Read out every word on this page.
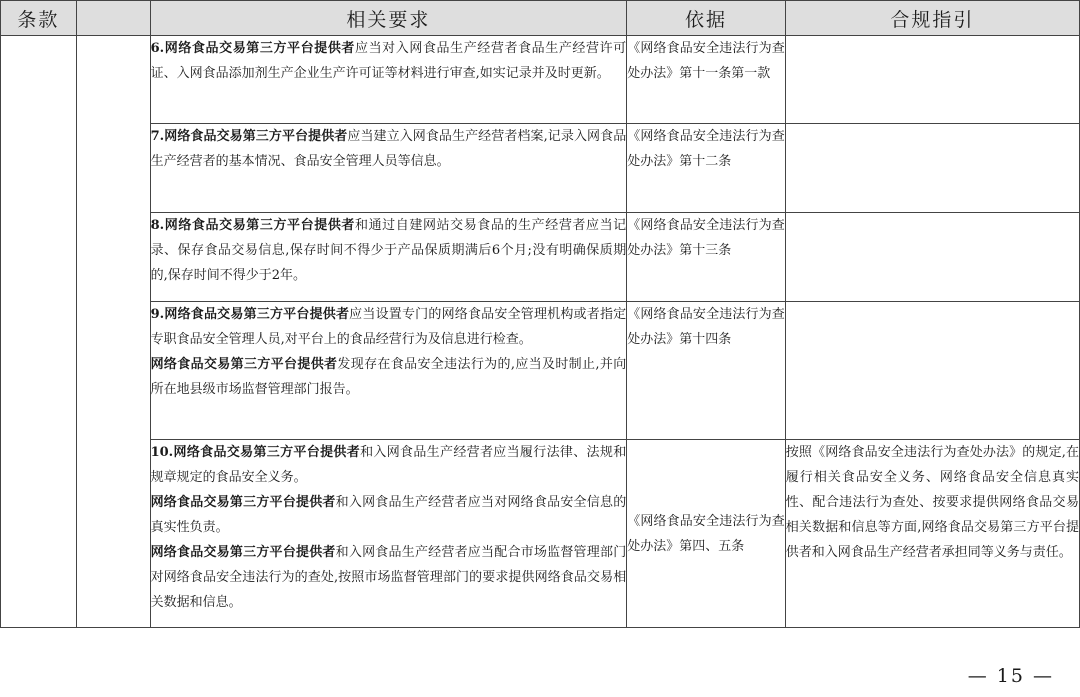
条款		相关要求	依据	合规指引

		6.网络食品交易第三方平台提供者应当对入网食品生产经营者食品生产经营许可证、入网食品添加剂生产企业生产许可证等材料进行审查,如实记录并及时更新。	《网络食品安全违法行为查处办法》第十一条第一款	

		7.网络食品交易第三方平台提供者应当建立入网食品生产经营者档案,记录入网食品生产经营者的基本情况、食品安全管理人员等信息。	《网络食品安全违法行为查处办法》第十二条	

		8.网络食品交易第三方平台提供者和通过自建网站交易食品的生产经营者应当记录、保存食品交易信息,保存时间不得少于产品保质期满后6个月;没有明确保质期的,保存时间不得少于2年。	《网络食品安全违法行为查处办法》第十三条	

		9.网络食品交易第三方平台提供者应当设置专门的网络食品安全管理机构或者指定专职食品安全管理人员,对平台上的食品经营行为及信息进行检查。

网络食品交易第三方平台提供者发现存在食品安全违法行为的,应当及时制止,并向所在地县级市场监督管理部门报告。	《网络食品安全违法行为查处办法》第十四条	

		10.网络食品交易第三方平台提供者和入网食品生产经营者应当履行法律、法规和规章规定的食品安全义务。

网络食品交易第三方平台提供者和入网食品生产经营者应当对网络食品安全信息的真实性负责。

网络食品交易第三方平台提供者和入网食品生产经营者应当配合市场监督管理部门对网络食品安全违法行为的查处,按照市场监督管理部门的要求提供网络食品交易相关数据和信息。	《网络食品安全违法行为查处办法》第四、五条	按照《网络食品安全违法行为查处办法》的规定,在履行相关食品安全义务、网络食品安全信息真实性、配合违法行为查处、按要求提供网络食品交易相关数据和信息等方面,网络食品交易第三方平台提供者和入网食品生产经营者承担同等义务与责任。
— 15 —
